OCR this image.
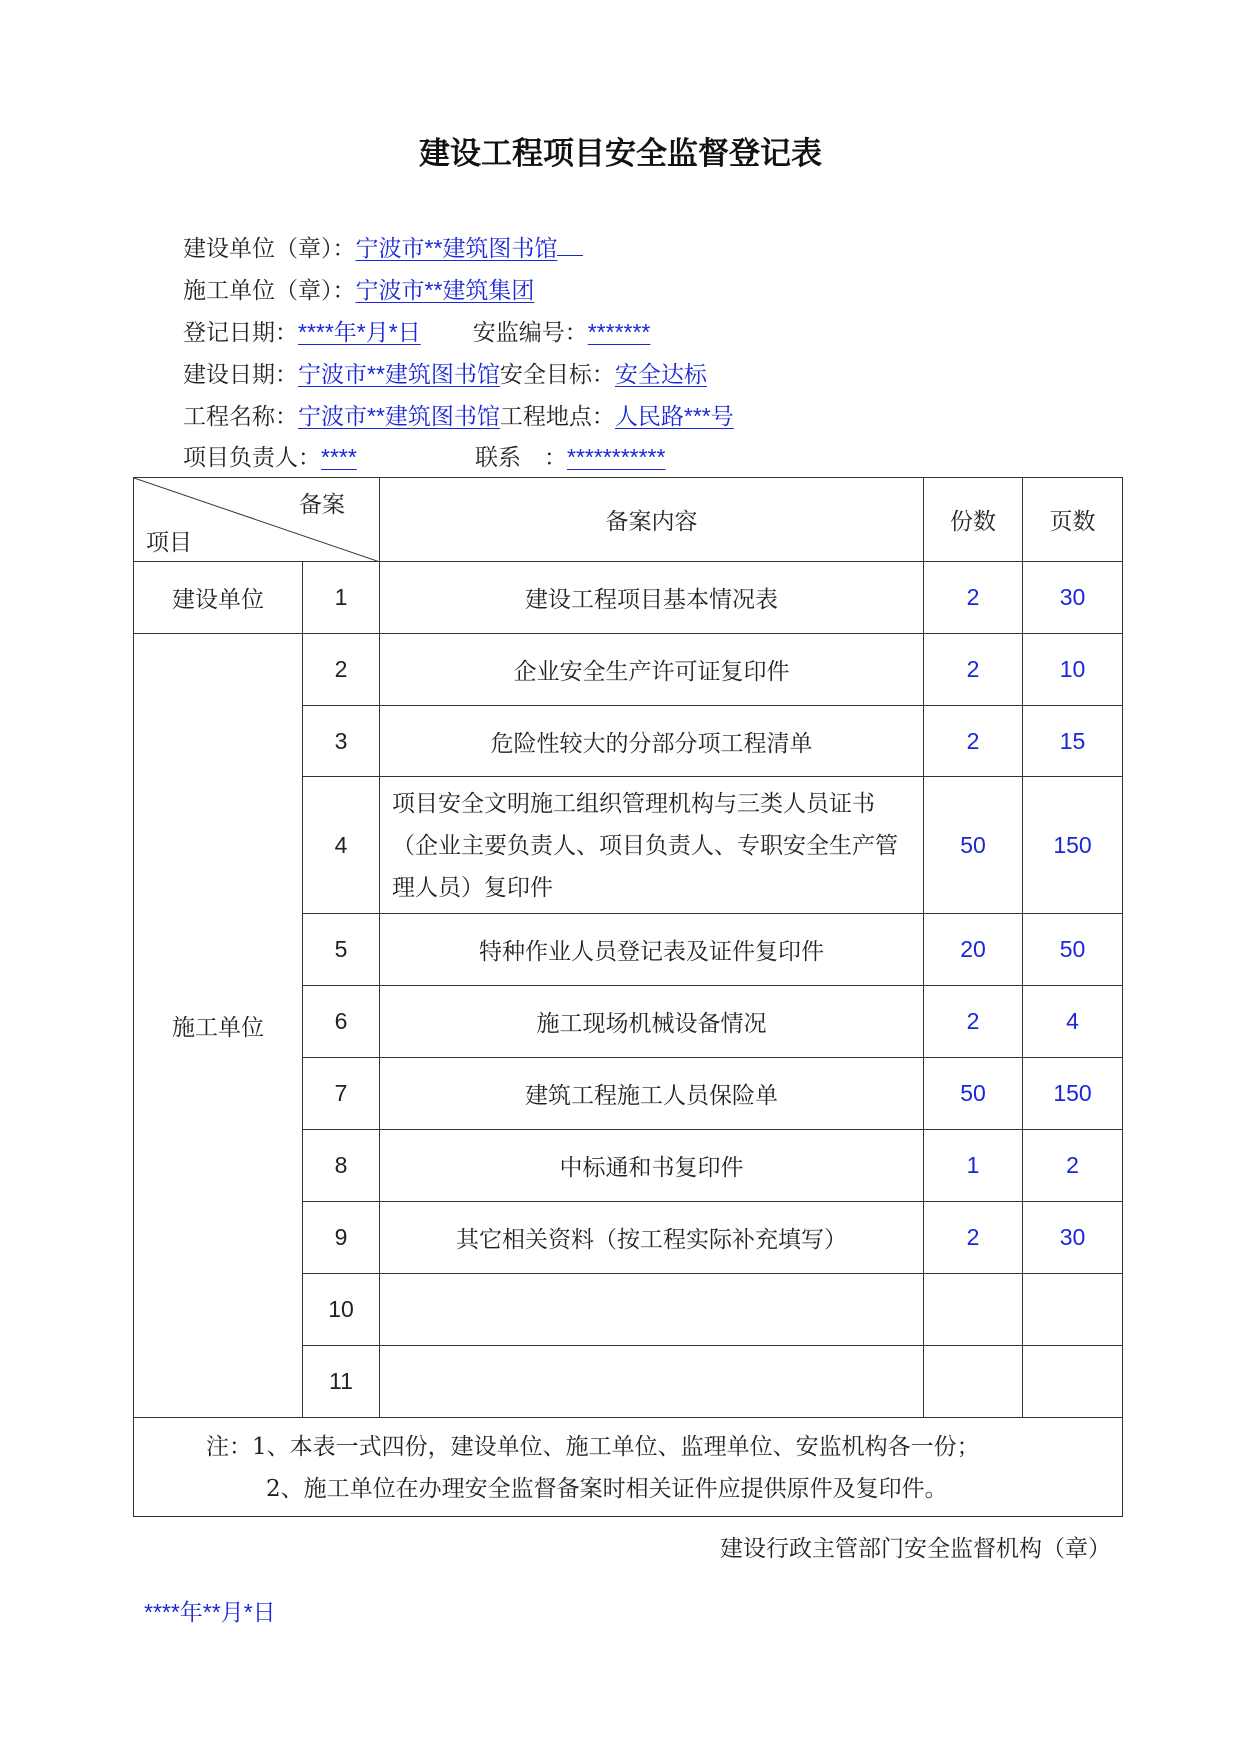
建设工程项目安全监督登记表
建设单位（章）：宁波市**建筑图书馆
施工单位（章）：宁波市**建筑集团
登记日期：****年*月*日 安监编号：*******
建设日期：宁波市**建筑图书馆安全目标：安全达标
工程名称：宁波市**建筑图书馆工程地点：人民路***号
项目负责人：****	联系　：***********
备案
项目		备案内容	份数	页数
建设单位	1	建设工程项目基本情况表	2	30
施工单位	2	企业安全生产许可证复印件	2	10
	3	危险性较大的分部分项工程清单	2	15
	4	项目安全文明施工组织管理机构与三类人员证书（企业主要负责人、项目负责人、专职安全生产管理人员）复印件	50	150
	5	特种作业人员登记表及证件复印件	20	50
	6	施工现场机械设备情况	2	4
	7	建筑工程施工人员保险单	50	150
	8	中标通和书复印件	1	2
	9	其它相关资料（按工程实际补充填写）	2	30
	10			
	11			

注：1、本表一式四份，建设单位、施工单位、监理单位、安监机构各一份；
2、施工单位在办理安全监督备案时相关证件应提供原件及复印件。				
建设行政主管部门安全监督机构（章）
****年**月*日
